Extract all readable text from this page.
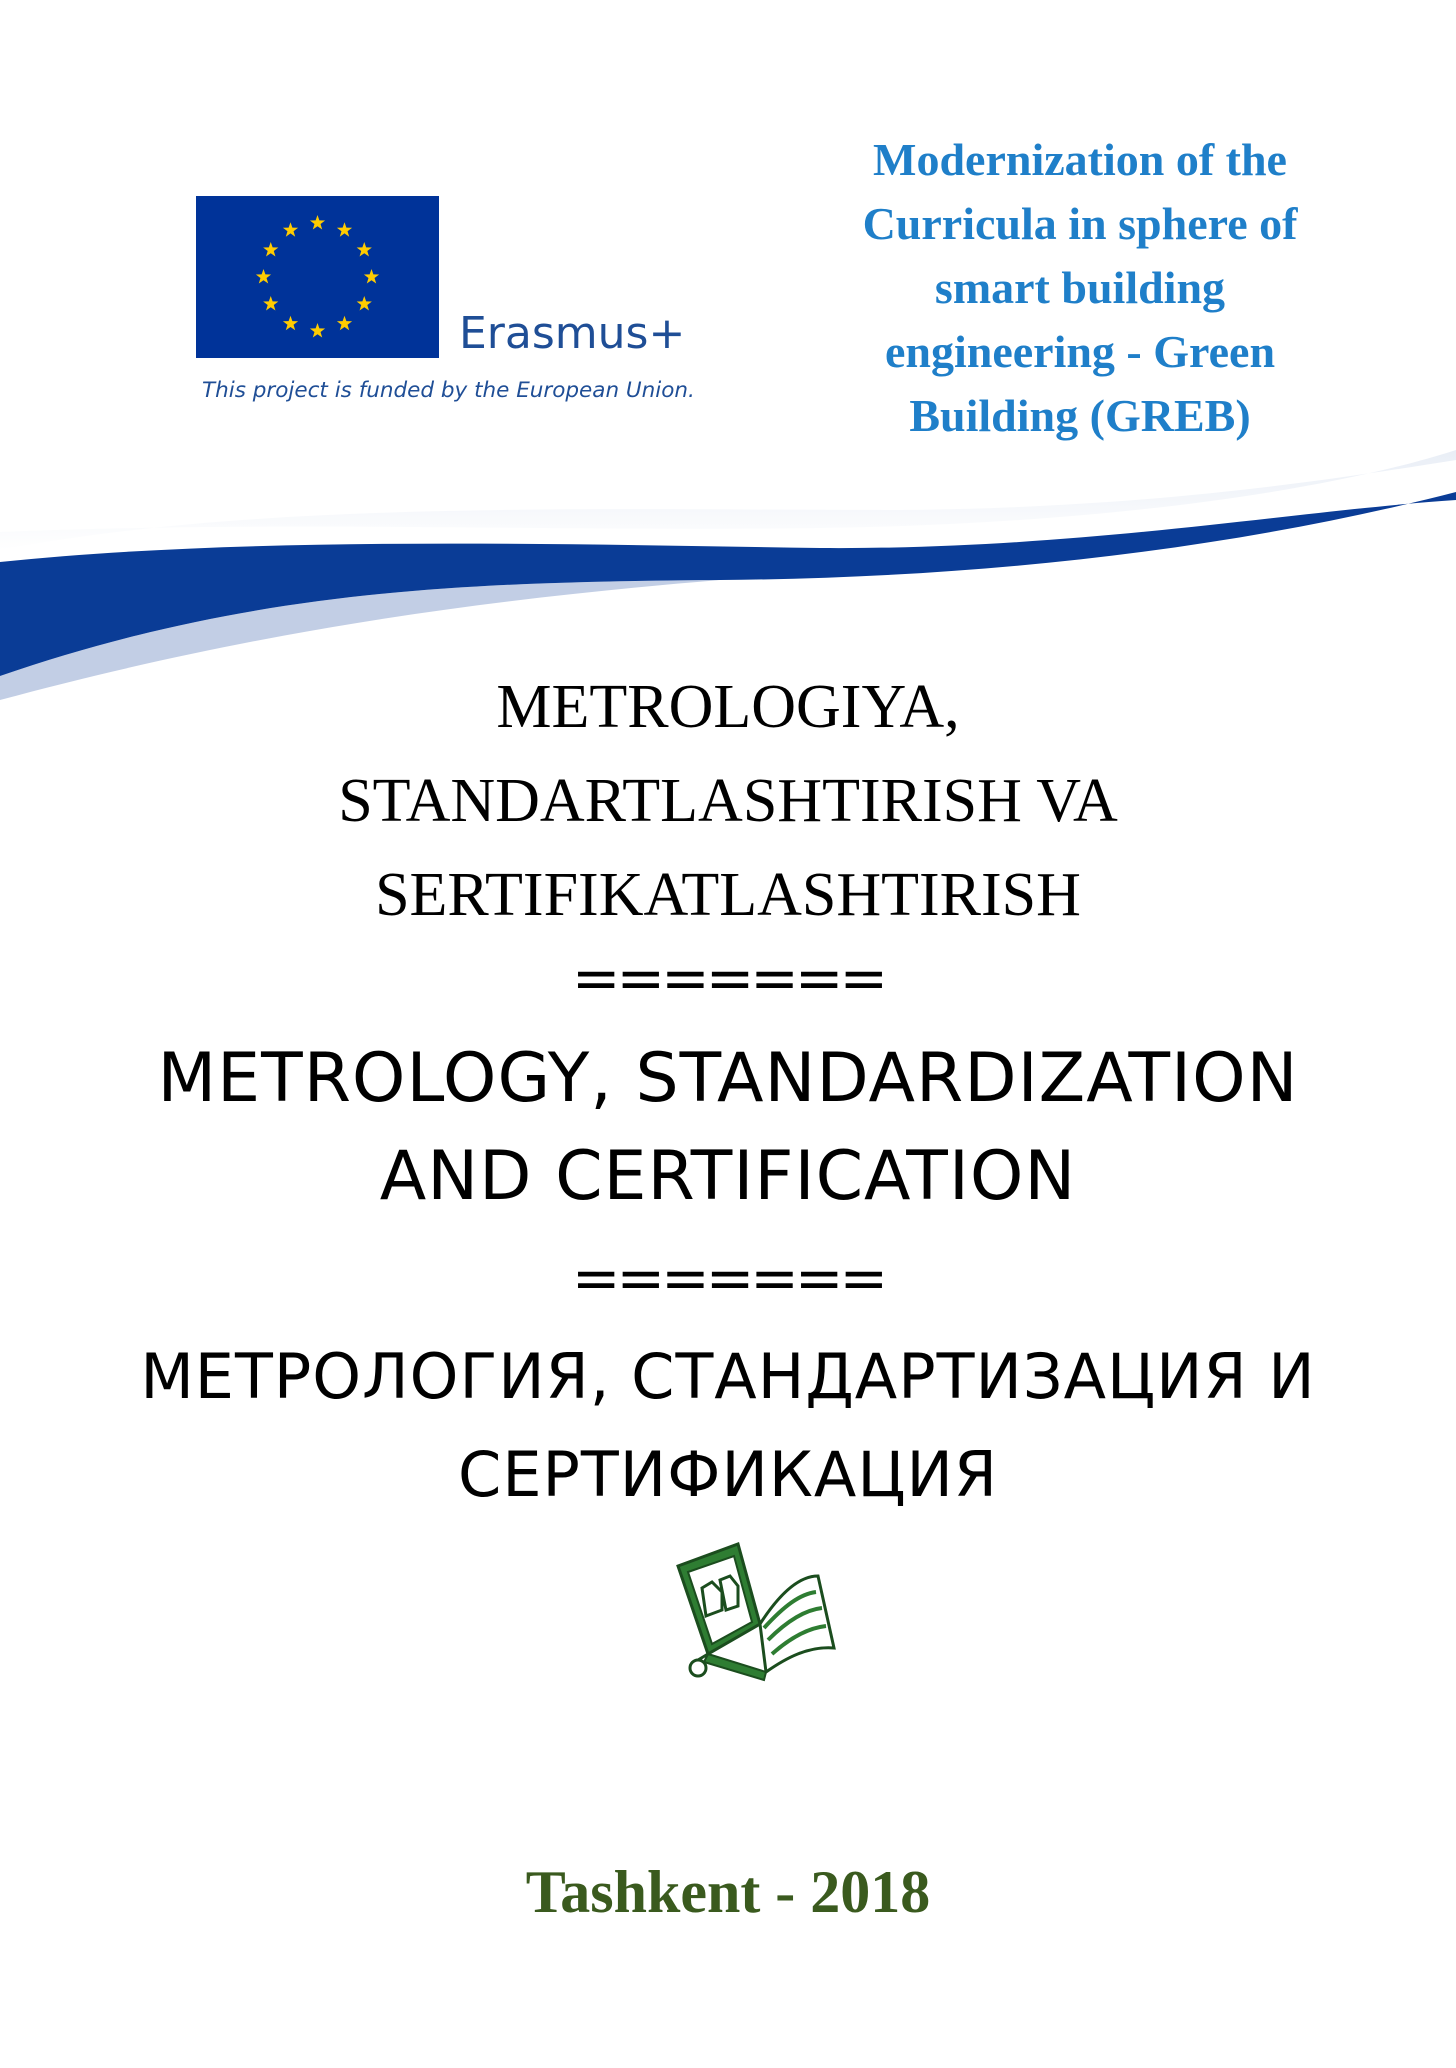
Erasmus+
This project is funded by the European Union.
Modernization of the
Curricula in sphere of
smart building
engineering - Green
Building (GREB)
METROLOGIYA,
STANDARTLASHTIRISH VA
SERTIFIKATLASHTIRISH
=======
METROLOGY, STANDARDIZATION
AND CERTIFICATION
=======
МЕТРОЛОГИЯ, СТАНДАРТИЗАЦИЯ И
СЕРТИФИКАЦИЯ
Tashkent - 2018
